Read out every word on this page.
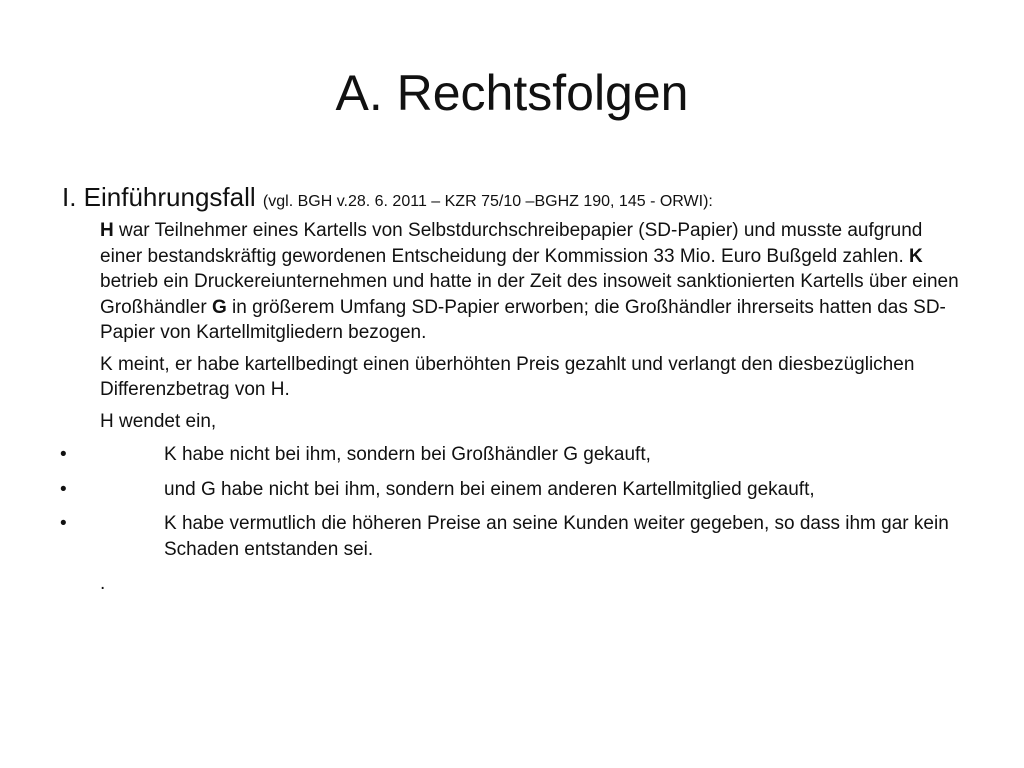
A. Rechtsfolgen

I. Einführungsfall (vgl. BGH v.28. 6. 2011 – KZR 75/10 –BGHZ 190, 145 - ORWI):

H war Teilnehmer eines Kartells von Selbstdurchschreibepapier (SD-Papier) und musste aufgrund einer bestandskräftig gewordenen Entscheidung der Kommission 33 Mio. Euro Bußgeld zahlen. K betrieb ein Druckereiunternehmen und hatte in der Zeit des insoweit sanktionierten Kartells über einen Großhändler G in größerem Umfang SD-Papier erworben; die Großhändler ihrerseits hatten das SD-Papier von Kartellmitgliedern bezogen.

K meint, er habe kartellbedingt einen überhöhten Preis gezahlt und verlangt den diesbezüglichen Differenzbetrag von H.

H wendet ein,

•	K habe nicht bei ihm, sondern bei Großhändler G gekauft,
•	und G habe nicht bei ihm, sondern bei einem anderen Kartellmitglied gekauft,
•	K habe vermutlich die höheren Preise an seine Kunden weiter gegeben, so dass ihm gar kein Schaden entstanden sei.

.
